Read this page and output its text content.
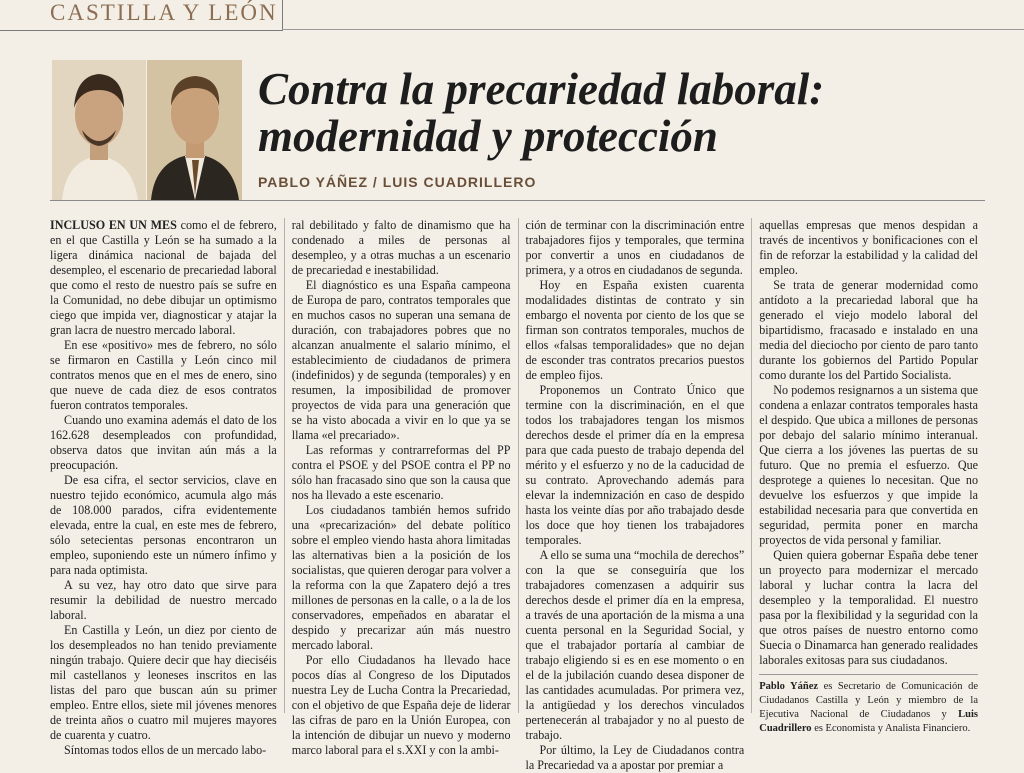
CASTILLA Y LEÓN
Contra la precariedad laboral:
modernidad y protección
PABLO YÁÑEZ / LUIS CUADRILLERO

INCLUSO EN UN MES como el de febrero, en el que Castilla y León se ha sumado a la ligera dinámica nacional de bajada del desempleo, el escenario de precariedad laboral que como el resto de nuestro país se sufre en la Comunidad, no debe dibujar un optimismo ciego que impida ver, diagnosticar y atajar la gran lacra de nuestro mercado laboral.

En ese «positivo» mes de febrero, no sólo se firmaron en Castilla y León cinco mil contratos menos que en el mes de enero, sino que nueve de cada diez de esos contratos fueron contratos temporales.

Cuando uno examina además el dato de los 162.628 desempleados con profundidad, observa datos que invitan aún más a la preocupación.

De esa cifra, el sector servicios, clave en nuestro tejido económico, acumula algo más de 108.000 parados, cifra evidentemente elevada, entre la cual, en este mes de febrero, sólo setecientas personas encontraron un empleo, suponiendo este un número ínfimo y para nada optimista.

A su vez, hay otro dato que sirve para resumir la debilidad de nuestro mercado laboral.

En Castilla y León, un diez por ciento de los desempleados no han tenido previamente ningún trabajo. Quiere decir que hay dieciséis mil castellanos y leoneses inscritos en las listas del paro que buscan aún su primer empleo. Entre ellos, siete mil jóvenes menores de treinta años o cuatro mil mujeres mayores de cuarenta y cuatro.

Síntomas todos ellos de un mercado labo-

ral debilitado y falto de dinamismo que ha condenado a miles de personas al desempleo, y a otras muchas a un escenario de precariedad e inestabilidad.

El diagnóstico es una España campeona de Europa de paro, contratos temporales que en muchos casos no superan una semana de duración, con trabajadores pobres que no alcanzan anualmente el salario mínimo, el establecimiento de ciudadanos de primera (indefinidos) y de segunda (temporales) y en resumen, la imposibilidad de promover proyectos de vida para una generación que se ha visto abocada a vivir en lo que ya se llama «el precariado».

Las reformas y contrarreformas del PP contra el PSOE y del PSOE contra el PP no sólo han fracasado sino que son la causa que nos ha llevado a este escenario.

Los ciudadanos también hemos sufrido una «precarización» del debate político sobre el empleo viendo hasta ahora limitadas las alternativas bien a la posición de los socialistas, que quieren derogar para volver a la reforma con la que Zapatero dejó a tres millones de personas en la calle, o a la de los conservadores, empeñados en abaratar el despido y precarizar aún más nuestro mercado laboral.

Por ello Ciudadanos ha llevado hace pocos días al Congreso de los Diputados nuestra Ley de Lucha Contra la Precariedad, con el objetivo de que España deje de liderar las cifras de paro en la Unión Europea, con la intención de dibujar un nuevo y moderno marco laboral para el s.XXI y con la ambi-

ción de terminar con la discriminación entre trabajadores fijos y temporales, que termina por convertir a unos en ciudadanos de primera, y a otros en ciudadanos de segunda.

Hoy en España existen cuarenta modalidades distintas de contrato y sin embargo el noventa por ciento de los que se firman son contratos temporales, muchos de ellos «falsas temporalidades» que no dejan de esconder tras contratos precarios puestos de empleo fijos.

Proponemos un Contrato Único que termine con la discriminación, en el que todos los trabajadores tengan los mismos derechos desde el primer día en la empresa para que cada puesto de trabajo dependa del mérito y el esfuerzo y no de la caducidad de su contrato. Aprovechando además para elevar la indemnización en caso de despido hasta los veinte días por año trabajado desde los doce que hoy tienen los trabajadores temporales.

A ello se suma una “mochila de derechos” con la que se conseguiría que los trabajadores comenzasen a adquirir sus derechos desde el primer día en la empresa, a través de una aportación de la misma a una cuenta personal en la Seguridad Social, y que el trabajador portaría al cambiar de trabajo eligiendo si es en ese momento o en el de la jubilación cuando desea disponer de las cantidades acumuladas. Por primera vez, la antigüedad y los derechos vinculados pertenecerán al trabajador y no al puesto de trabajo.

Por último, la Ley de Ciudadanos contra la Precariedad va a apostar por premiar a

aquellas empresas que menos despidan a través de incentivos y bonificaciones con el fin de reforzar la estabilidad y la calidad del empleo.

Se trata de generar modernidad como antídoto a la precariedad laboral que ha generado el viejo modelo laboral del bipartidismo, fracasado e instalado en una media del dieciocho por ciento de paro tanto durante los gobiernos del Partido Popular como durante los del Partido Socialista.

No podemos resignarnos a un sistema que condena a enlazar contratos temporales hasta el despido. Que ubica a millones de personas por debajo del salario mínimo interanual. Que cierra a los jóvenes las puertas de su futuro. Que no premia el esfuerzo. Que desprotege a quienes lo necesitan. Que no devuelve los esfuerzos y que impide la estabilidad necesaria para que convertida en seguridad, permita poner en marcha proyectos de vida personal y familiar.

Quien quiera gobernar España debe tener un proyecto para modernizar el mercado laboral y luchar contra la lacra del desempleo y la temporalidad. El nuestro pasa por la flexibilidad y la seguridad con la que otros países de nuestro entorno como Suecia o Dinamarca han generado realidades laborales exitosas para sus ciudadanos.

Pablo Yáñez es Secretario de Comunicación de Ciudadanos Castilla y León y miembro de la Ejecutiva Nacional de Ciudadanos y Luis Cuadrillero es Economista y Analista Financiero.
